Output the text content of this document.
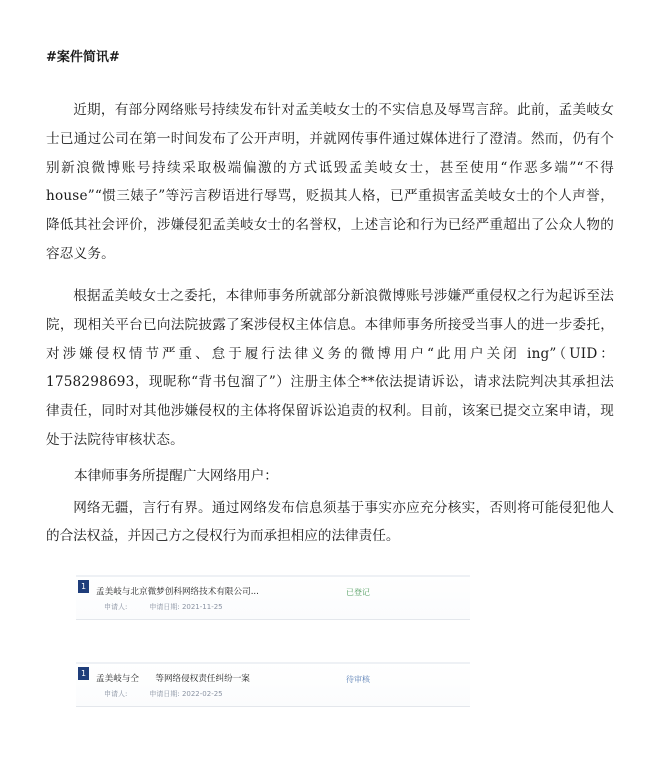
#案件简讯#

近期，有部分网络账号持续发布针对孟美岐女士的不实信息及辱骂言辞。此前，孟美岐女士已通过公司在第一时间发布了公开声明，并就网传事件通过媒体进行了澄清。然而，仍有个别新浪微博账号持续采取极端偏激的方式诋毁孟美岐女士，甚至使用“作恶多端”“不得 house”“惯三婊子”等污言秽语进行辱骂，贬损其人格，已严重损害孟美岐女士的个人声誉，降低其社会评价，涉嫌侵犯孟美岐女士的名誉权，上述言论和行为已经严重超出了公众人物的容忍义务。

根据孟美岐女士之委托，本律师事务所就部分新浪微博账号涉嫌严重侵权之行为起诉至法院，现相关平台已向法院披露了案涉侵权主体信息。本律师事务所接受当事人的进一步委托，对涉嫌侵权情节严重、怠于履行法律义务的微博用户“此用户关闭 ing”（UID：1758298693，现昵称“背书包溜了”）注册主体仝**依法提请诉讼，请求法院判决其承担法律责任，同时对其他涉嫌侵权的主体将保留诉讼追责的权利。目前，该案已提交立案申请，现处于法院待审核状态。

本律师事务所提醒广大网络用户：

网络无疆，言行有界。通过网络发布信息须基于事实亦应充分核实，否则将可能侵犯他人的合法权益，并因己方之侵权行为而承担相应的法律责任。

1
孟美岐与北京微梦创科网络技术有限公司...
申请人:	申请日期: 2021-11-25
已登记
1
孟美岐与仝      等网络侵权责任纠纷一案
申请人:	申请日期: 2022-02-25
待审核
